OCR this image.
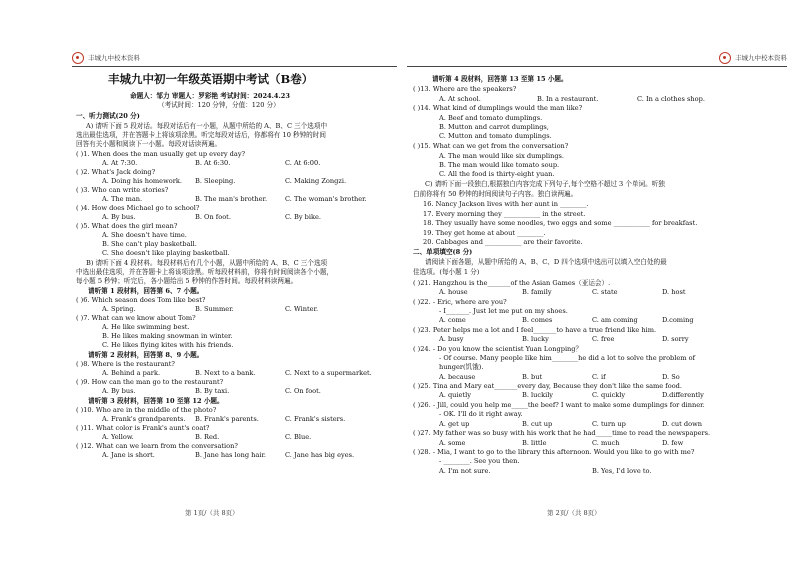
丰城九中校本资料
丰城九中初一年级英语期中考试（B卷）
命题人：邹力 审题人：罗彩艳 考试时间：2024.4.23
（考试时间：120 分钟，分值：120 分）
一、听力测试(20 分)
A) 请听下面 5 段对话。每段对话后有一小题，从题中所给的 A、B、C 三个选项中
选出最佳选项，并在答题卡上将该项涂黑。听完每段对话后，你都将有 10 秒钟的时间
回答有关小题和阅读下一小题。每段对话读两遍。
( )1. When does the man usually get up every day?
A. At 7:30.	B. At 6:30.	C. At 6:00.
( )2. What's Jack doing?
A. Doing his homework. B. Sleeping.	C. Making Zongzi.
( )3. Who can write stories?
A. The man.	B. The man's brother.	C. The woman's brother.
( )4. How does Michael go to school?
A. By bus.	B. On foot.	C. By bike.
( )5. What does the girl mean?
A. She doesn't have time.
B. She can't play basketball.
C. She doesn't like playing basketball.
B) 请听下面 4 段材料。每段材料后有几个小题，从题中所给的 A、B、C 三个选项
中选出最佳选项，并在答题卡上将该项涂黑。听每段材料前，你将有时间阅读各个小题，
每小题 5 秒钟；听完后，各小题给出 5 秒钟的作答时间。每段材料读两遍。
请听第 1 段材料，回答第 6、7 小题。
( )6. Which season does Tom like best?
A. Spring.	B. Summer.	C. Winter.
( )7. What can we know about Tom?
A. He like swimming best.
B. He likes making snowman in winter.
C. He likes flying kites with his friends.
请听第 2 段材料，回答第 8、9 小题。
( )8. Where is the restaurant?
A. Behind a park.	B. Next to a bank.	C. Next to a supermarket.
( )9. How can the man go to the restaurant?
A. By bus.	B. By taxi.	C. On foot.
请听第 3 段材料，回答第 10 至第 12 小题。
( )10. Who are in the middle of the photo?
A. Frank's grandparents. B. Frank's parents.	C. Frank's sisters.
( )11. What color is Frank's aunt's coat?
A. Yellow.	B. Red.	C. Blue.
( )12. What can we learn from the conversation?
A. Jane is short.	B. Jane has long hair.	C. Jane has big eyes.
第 1页/（共 8页）
丰城九中校本资料
请听第 4 段材料，回答第 13 至第 15 小题。
( )13. Where are the speakers?
A. At school.	B. In a restaurant.	C. In a clothes shop.
( )14. What kind of dumplings would the man like?
A. Beef and tomato dumplings.
B. Mutton and carrot dumplings,
C. Mutton and tomato dumplings.
( )15. What can we get from the conversation?
A. The man would like six dumplings.
B. The man would like tomato soup.
C. All the food is thirty-eight yuan.
C) 请听下面一段独白,根据独白内容完成下列句子,每个空格不超过 3 个单词。听独
白前你将有 50 秒钟的时间阅读句子内容。独白读两遍。
16. Nancy Jackson lives with her aunt in ________.
17. Every morning they ___________ in the street.
18. They usually have some noodles, two eggs and some ___________ for breakfast.
19. They get home at about ________.
20. Cabbages and ___________ are their favorite.
二、单项填空(8 分)
请阅读下面各题，从题中所给的 A、B、C、D 四个选项中选出可以填入空白处的最
佳选项。(每小题 1 分)
( )21. Hangzhou is the_______of the Asian Games（亚运会）.
A. house	B. family	C. state	D. host
( )22. - Eric, where are you?
- I_______. Just let me put on my shoes.
A. come	B. comes	C. am coming	D.coming
( )23. Peter helps me a lot and I feel_______to have a true friend like him.
A. busy	B. lucky	C. free	D. sorry
( )24. - Do you know the scientist Yuan Longping？
- Of course. Many people like him________he did a lot to solve the problem of
hunger(饥饿).
A. because	B. but	C. if	D. So
( )25. Tina and Mary eat_______every day, Because they don't like the same food.
A. quietly	B. luckily	C. quickly	D.differently
( )26. - Jill, could you help me_____the beef? I want to make some dumplings for dinner.
- OK. I'll do it right away.
A. get up	B. cut up	C. turn up	D. cut down
( )27. My father was so busy with his work that he had_____time to read the newspapers.
A. some	B. little	C. much	D. few
( )28. - Mia, I want to go to the library this afternoon. Would you like to go with me?
- ________. See you then.
A. I'm not sure.	B. Yes, I'd love to.
第 2页/（共 8页）
